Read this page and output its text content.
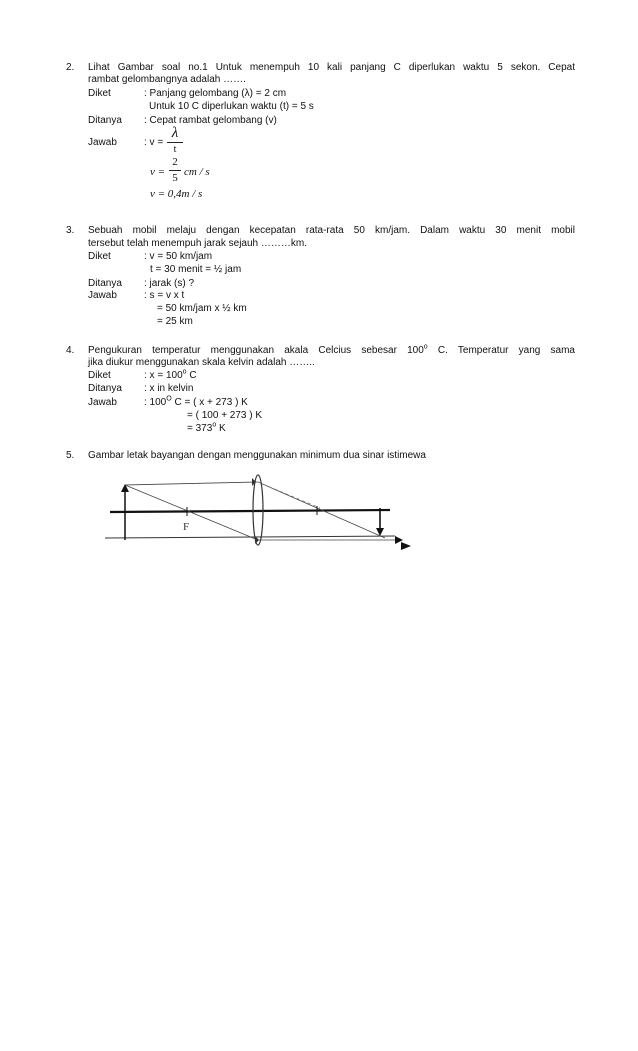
2. Lihat Gambar soal no.1 Untuk menempuh 10 kali panjang C diperlukan waktu 5 sekon. Cepat
rambat gelombangnya adalah …….
Diket	: Panjang gelombang (λ) = 2 cm
Untuk 10 C diperlukan waktu (t) = 5 s
Ditanya : Cepat rambat gelombang (v)
Jawab	: v =
λ
t
v =
2
5 cm / s
v = 0,4m / s
3. Sebuah mobil melaju dengan kecepatan rata-rata 50 km/jam. Dalam waktu 30 menit mobil
tersebut telah menempuh jarak sejauh ………km.
Diket	: v = 50 km/jam
t = 30 menit = ½ jam
Ditanya : jarak (s) ?
Jawab	: s = v x t
= 50 km/jam x ½ km
= 25 km
4. Pengukuran temperatur menggunakan akala Celcius sebesar 100$^o$ C. Temperatur yang sama
jika diukur menggunakan skala kelvin adalah ……..
Diket	: $x = 100^o$ C
Ditanya : x in kelvin
Jawab	: $100^O$ C = ( x + 273 ) K
= ( 100 + 273 ) K
= $373^o$ K
5. Gambar letak bayangan dengan menggunakan minimum dua sinar istimewa
F
